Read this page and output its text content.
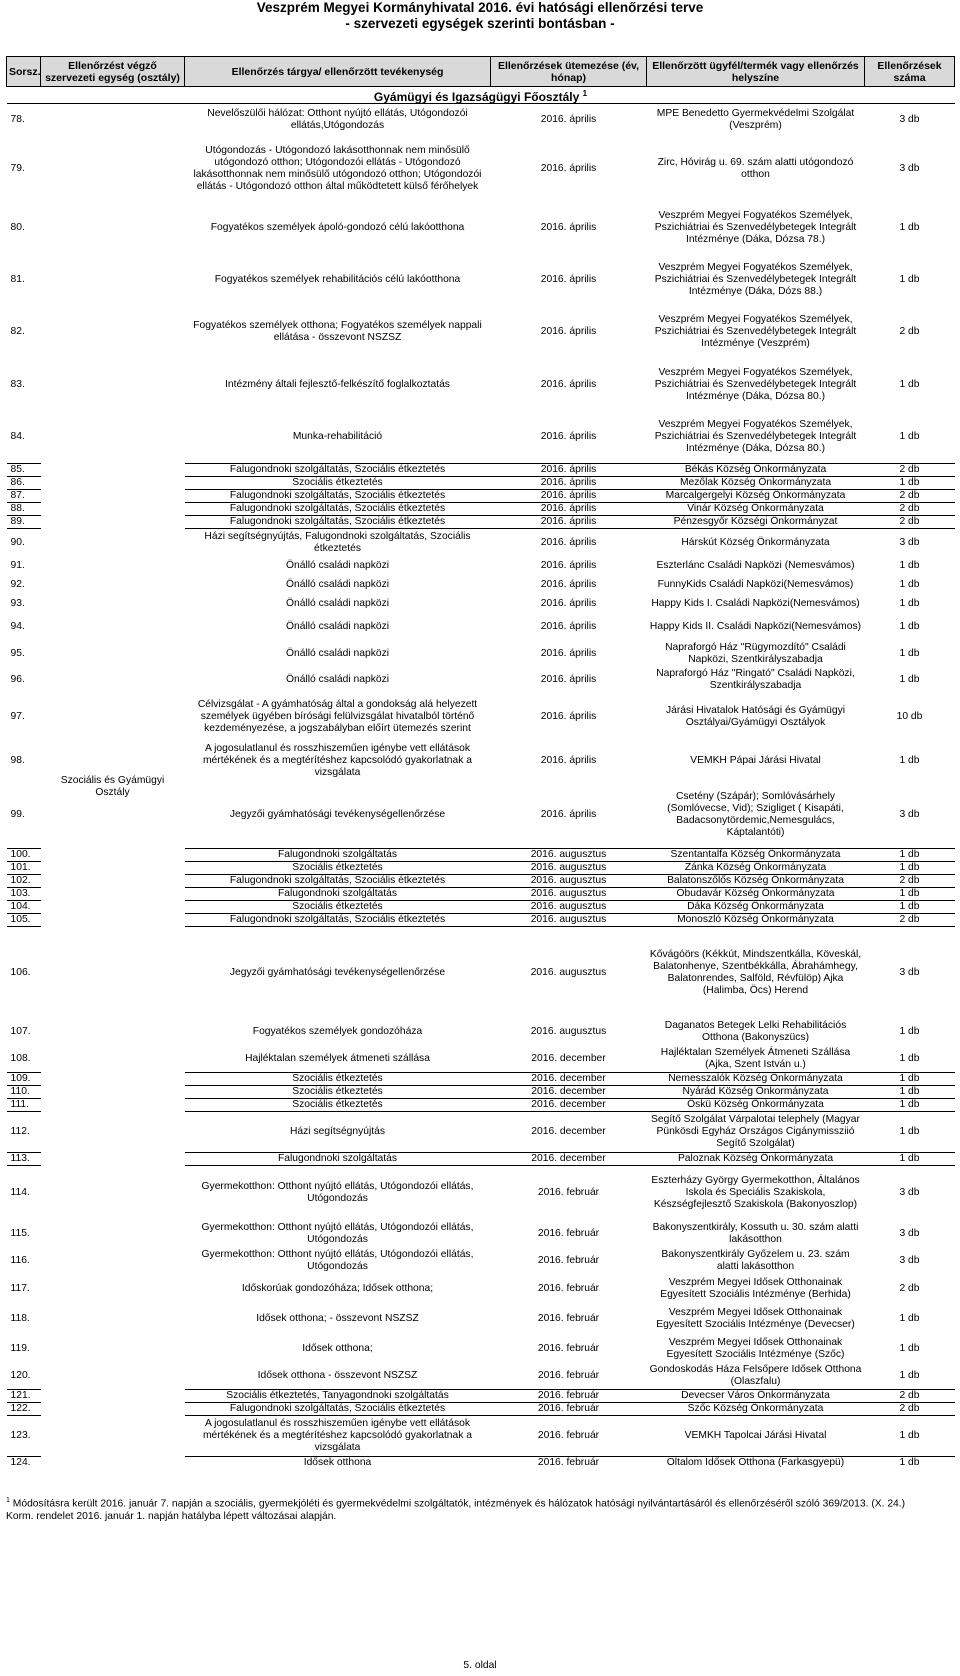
Veszprém Megyei Kormányhivatal 2016. évi hatósági ellenőrzési terve
- szervezeti egységek szerinti bontásban -
Sorsz.	Ellenőrzést végző szervezeti egység (osztály)	Ellenőrzés tárgya/ ellenőrzött tevékenység	Ellenőrzések ütemezése (év, hónap)	Ellenőrzött ügyfél/termék vagy ellenőrzés helyszíne	Ellenőrzések száma
Gyámügyi és Igazságügyi Főosztály $^1$
78.	Szociális és Gyámügyi Osztály	Nevelőszülői hálózat: Otthont nyújtó ellátás, Utógondozói ellátás,Utógondozás	2016. április	MPE Benedetto Gyermekvédelmi Szolgálat (Veszprém)	3 db
79.		Utógondozás - Utógondozó lakásotthonnak nem minősülő utógondozó otthon; Utógondozói ellátás - Utógondozó lakásotthonnak nem minősülő utógondozó otthon; Utógondozói ellátás - Utógondozó otthon által működtetett külső férőhelyek	2016. április	Zirc, Hóvirág u. 69. szám alatti utógondozó otthon	3 db
80.		Fogyatékos személyek ápoló-gondozó célú lakóotthona	2016. április	Veszprém Megyei Fogyatékos Személyek, Pszichiátriai és Szenvedélybetegek Integrált Intézménye (Dáka, Dózsa 78.)	1 db
81.		Fogyatékos személyek rehabilitációs célú lakóotthona	2016. április	Veszprém Megyei Fogyatékos Személyek, Pszichiátriai és Szenvedélybetegek Integrált Intézménye (Dáka, Dózs 88.)	1 db
82.		Fogyatékos személyek otthona; Fogyatékos személyek nappali ellátása - összevont NSZSZ	2016. április	Veszprém Megyei Fogyatékos Személyek, Pszichiátriai és Szenvedélybetegek Integrált Intézménye (Veszprém)	2 db
83.		Intézmény általi fejlesztő-felkészítő foglalkoztatás	2016. április	Veszprém Megyei Fogyatékos Személyek, Pszichiátriai és Szenvedélybetegek Integrált Intézménye (Dáka, Dózsa 80.)	1 db
84.		Munka-rehabilitáció	2016. április	Veszprém Megyei Fogyatékos Személyek, Pszichiátriai és Szenvedélybetegek Integrált Intézménye (Dáka, Dózsa 80.)	1 db
85.		Falugondnoki szolgáltatás, Szociális étkeztetés	2016. április	Békás Község Önkormányzata	2 db
86.		Szociális étkeztetés	2016. április	Mezőlak Község Önkormányzata	1 db
87.		Falugondnoki szolgáltatás, Szociális étkeztetés	2016. április	Marcalgergelyi Község Önkormányzata	2 db
88.		Falugondnoki szolgáltatás, Szociális étkeztetés	2016. április	Vinár Község Önkormányzata	2 db
89.		Falugondnoki szolgáltatás, Szociális étkeztetés	2016. április	Pénzesgyőr Községi Önkormányzat	2 db
90.		Házi segítségnyújtás, Falugondnoki szolgáltatás, Szociális étkeztetés	2016. április	Hárskút Község Önkormányzata	3 db
91.		Önálló családi napközi	2016. április	Eszterlánc Családi Napközi (Nemesvámos)	1 db
92.		Önálló családi napközi	2016. április	FunnyKids Családi Napközi(Nemesvámos)	1 db
93.		Önálló családi napközi	2016. április	Happy Kids I. Családi Napközi(Nemesvámos)	1 db
94.		Önálló családi napközi	2016. április	Happy Kids II. Családi Napközi(Nemesvámos)	1 db
95.		Önálló családi napközi	2016. április	Napraforgó Ház "Rügymozdító" Családi Napközi, Szentkirályszabadja	1 db
96.		Önálló családi napközi	2016. április	Napraforgó Ház "Ringató" Családi Napközi, Szentkirályszabadja	1 db
97.		Célvizsgálat - A gyámhatóság által a gondokság alá helyezett személyek ügyében bírósági felülvizsgálat hivatalból történő kezdeményezése, a jogszabályban előírt ütemezés szerint	2016. április	Járási Hivatalok Hatósági és Gyámügyi Osztályai/Gyámügyi Osztályok	10 db
98.		A jogosulatlanul és rosszhiszeműen igénybe vett ellátások mértékének és a megtérítéshez kapcsolódó gyakorlatnak a vizsgálata	2016. április	VEMKH Pápai Járási Hivatal	1 db
99.		Jegyzői gyámhatósági tevékenységellenőrzése	2016. április	Csetény (Szápár); Somlóvásárhely (Somlóvecse, Vid); Szigliget ( Kisapáti, Badacsonytördemic,Nemesgulács, Káptalantóti)	3 db
100.		Falugondnoki szolgáltatás	2016. augusztus	Szentantalfa Község Önkormányzata	1 db
101.		Szociális étkeztetés	2016. augusztus	Zánka Község Önkormányzata	1 db
102.		Falugondnoki szolgáltatás, Szociális étkeztetés	2016. augusztus	Balatonszőlős Község Önkormányzata	2 db
103.		Falugondnoki szolgáltatás	2016. augusztus	Óbudavár Község Önkormányzata	1 db
104.		Szociális étkeztetés	2016. augusztus	Dáka Község Önkormányzata	1 db
105.		Falugondnoki szolgáltatás, Szociális étkeztetés	2016. augusztus	Monoszló Község Önkormányzata	2 db
106.		Jegyzői gyámhatósági tevékenységellenőrzése	2016. augusztus	Kővágóörs (Kékkút, Mindszentkálla, Köveskál, Balatonhenye, Szentbékkálla, Ábrahámhegy, Balatonrendes, Salföld, Révfülöp) Ajka (Halimba, Öcs) Herend	3 db
107.		Fogyatékos személyek gondozóháza	2016. augusztus	Daganatos Betegek Lelki Rehabilitációs Otthona (Bakonyszücs)	1 db
108.		Hajléktalan személyek átmeneti szállása	2016. december	Hajléktalan Személyek Átmeneti Szállása (Ajka, Szent István u.)	1 db
109.		Szociális étkeztetés	2016. december	Nemesszalók Község Önkormányzata	1 db
110.		Szociális étkeztetés	2016. december	Nyárád Község Önkormányzata	1 db
111.		Szociális étkeztetés	2016. december	Öskü Község Önkormányzata	1 db
112.		Házi segítségnyújtás	2016. december	Segítő Szolgálat Várpalotai telephely (Magyar Pünkösdi Egyház Országos Cigánymissziió Segítő Szolgálat)	1 db
113.		Falugondnoki szolgáltatás	2016. december	Paloznak Község Önkormányzata	1 db
114.		Gyermekotthon: Otthont nyújtó ellátás, Utógondozói ellátás, Utógondozás	2016. február	Eszterházy György Gyermekotthon, Általános Iskola és Speciális Szakiskola, Készségfejlesztő Szakiskola (Bakonyoszlop)	3 db
115.		Gyermekotthon: Otthont nyújtó ellátás, Utógondozói ellátás, Utógondozás	2016. február	Bakonyszentkirály, Kossuth u. 30. szám alatti lakásotthon	3 db
116.		Gyermekotthon: Otthont nyújtó ellátás, Utógondozói ellátás, Utógondozás	2016. február	Bakonyszentkirály Győzelem u. 23. szám alatti lakásotthon	3 db
117.		Időskorúak gondozóháza; Idősek otthona;	2016. február	Veszprém Megyei Idősek Otthonainak Egyesített Szociális Intézménye (Berhida)	2 db
118.		Idősek otthona; - összevont NSZSZ	2016. február	Veszprém Megyei Idősek Otthonainak Egyesített Szociális Intézménye (Devecser)	1 db
119.		Idősek otthona;	2016. február	Veszprém Megyei Idősek Otthonainak Egyesített Szociális Intézménye (Szőc)	1 db
120.		Idősek otthona - összevont NSZSZ	2016. február	Gondoskodás Háza Felsőpere Idősek Otthona (Olaszfalu)	1 db
121.		Szociális étkeztetés, Tanyagondnoki szolgáltatás	2016. február	Devecser Város Önkormányzata	2 db
122.		Falugondnoki szolgáltatás, Szociális étkeztetés	2016. február	Szőc Község Önkormányzata	2 db
123.		A jogosulatlanul és rosszhiszeműen igénybe vett ellátások mértékének és a megtérítéshez kapcsolódó gyakorlatnak a vizsgálata	2016. február	VEMKH Tapolcai Járási Hivatal	1 db
124.		Idősek otthona	2016. február	Oltalom Idősek Otthona (Farkasgyepü)	1 db
$^1$ Módosításra került 2016. január 7. napján a szociális, gyermekjóléti és gyermekvédelmi szolgáltatók, intézmények és hálózatok hatósági nyilvántartásáról és ellenőrzéséről szóló 369/2013. (X. 24.) Korm. rendelet 2016. január 1. napján hatályba lépett változásai alapján.
5. oldal
